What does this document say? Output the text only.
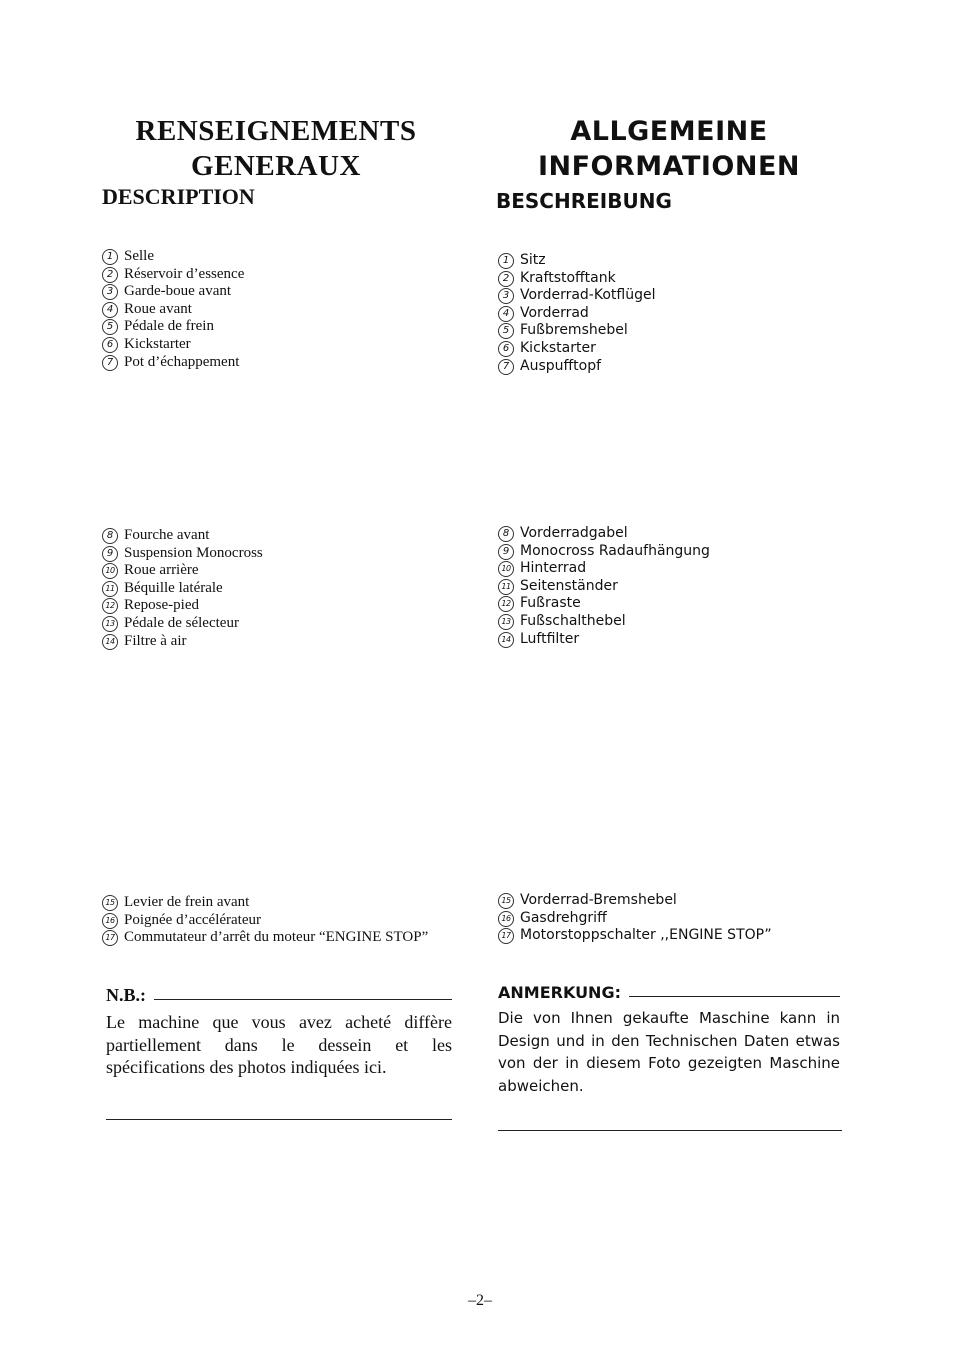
RENSEIGNEMENTS
GENERAUX
DESCRIPTION
1 Selle
2 Réservoir d’essence
3 Garde-boue avant
4 Roue avant
5 Pédale de frein
6 Kickstarter
7 Pot d’échappement
8 Fourche avant
9 Suspension Monocross
10 Roue arrière
11 Béquille latérale
12 Repose-pied
13 Pédale de sélecteur
14 Filtre à air
15 Levier de frein avant
16 Poignée d’accélérateur
17 Commutateur d’arrêt du moteur “ENGINE STOP”
N.B.:

Le machine que vous avez acheté diffère partiellement dans le dessein et les spécifications des photos indiquées ici.

ALLGEMEINE
INFORMATIONEN
BESCHREIBUNG
1 Sitz
2 Kraftstofftank
3 Vorderrad-Kotflügel
4 Vorderrad
5 Fußbremshebel
6 Kickstarter
7 Auspufftopf
8 Vorderradgabel
9 Monocross Radaufhängung
10 Hinterrad
11 Seitenständer
12 Fußraste
13 Fußschalthebel
14 Luftfilter
15 Vorderrad-Bremshebel
16 Gasdrehgriff
17 Motorstoppschalter ,,ENGINE STOP”
ANMERKUNG:

Die von Ihnen gekaufte Maschine kann in Design und in den Technischen Daten etwas von der in diesem Foto gezeigten Maschine abweichen.

–2–
